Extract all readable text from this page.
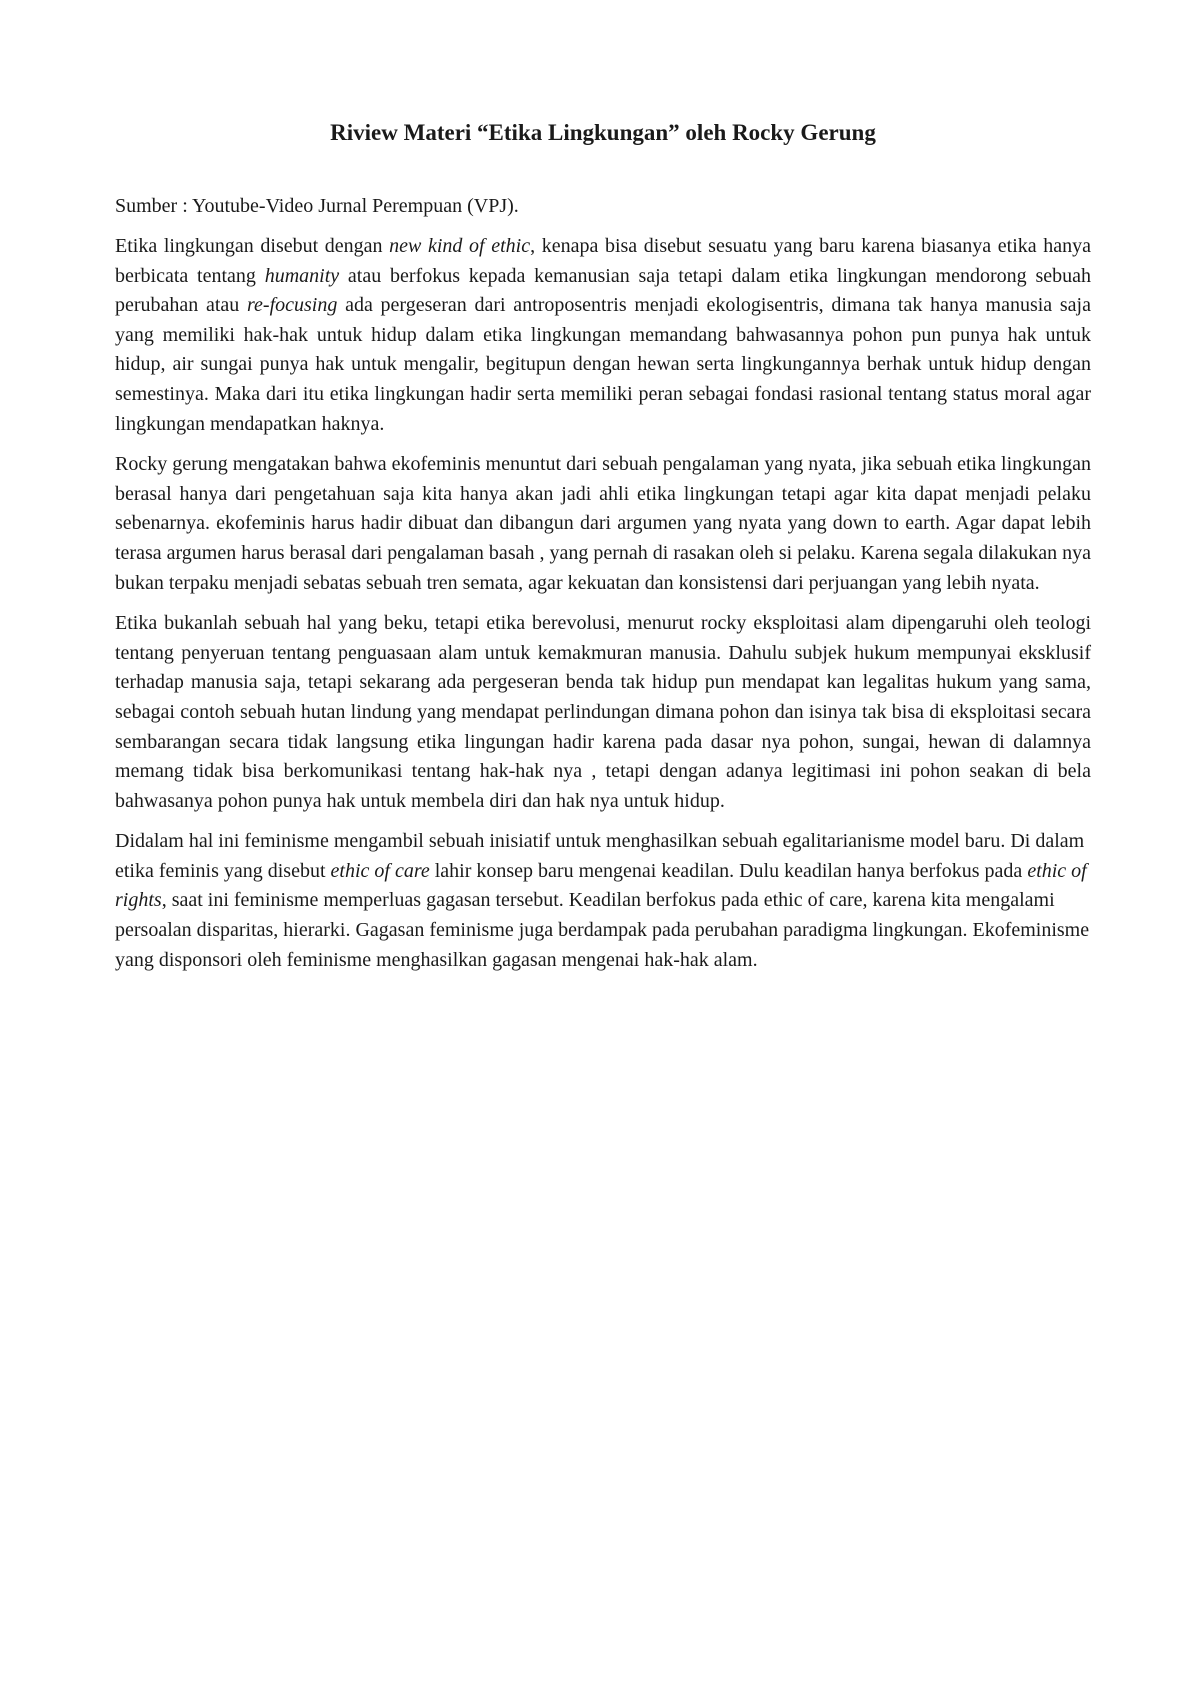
Riview Materi “Etika Lingkungan” oleh Rocky Gerung

Sumber : Youtube-Video Jurnal Perempuan (VPJ).

Etika lingkungan disebut dengan new kind of ethic, kenapa bisa disebut sesuatu yang baru karena biasanya etika hanya berbicata tentang humanity atau berfokus kepada kemanusian saja tetapi dalam etika lingkungan mendorong sebuah perubahan atau re-focusing ada pergeseran dari antroposentris menjadi ekologisentris, dimana tak hanya manusia saja yang memiliki hak-hak untuk hidup dalam etika lingkungan memandang bahwasannya pohon pun punya hak untuk hidup, air sungai punya hak untuk mengalir, begitupun dengan hewan serta lingkungannya berhak untuk hidup dengan semestinya. Maka dari itu etika lingkungan hadir serta memiliki peran sebagai fondasi rasional tentang status moral agar lingkungan mendapatkan haknya.

Rocky gerung mengatakan bahwa ekofeminis menuntut dari sebuah pengalaman yang nyata, jika sebuah etika lingkungan berasal hanya dari pengetahuan saja kita hanya akan jadi ahli etika lingkungan tetapi agar kita dapat menjadi pelaku sebenarnya. ekofeminis harus hadir dibuat dan dibangun dari argumen yang nyata yang down to earth. Agar dapat lebih terasa argumen harus berasal dari pengalaman basah , yang pernah di rasakan oleh si pelaku. Karena segala dilakukan nya bukan terpaku menjadi sebatas sebuah tren semata, agar kekuatan dan konsistensi dari perjuangan yang lebih nyata.

Etika bukanlah sebuah hal yang beku, tetapi etika berevolusi, menurut rocky eksploitasi alam dipengaruhi oleh teologi tentang penyeruan tentang penguasaan alam untuk kemakmuran manusia. Dahulu subjek hukum mempunyai eksklusif terhadap manusia saja, tetapi sekarang ada pergeseran benda tak hidup pun mendapat kan legalitas hukum yang sama, sebagai contoh sebuah hutan lindung yang mendapat perlindungan dimana pohon dan isinya tak bisa di eksploitasi secara sembarangan secara tidak langsung etika lingungan hadir karena pada dasar nya pohon, sungai, hewan di dalamnya memang tidak bisa berkomunikasi tentang hak-hak nya , tetapi dengan adanya legitimasi ini pohon seakan di bela bahwasanya pohon punya hak untuk membela diri dan hak nya untuk hidup.

Didalam hal ini feminisme mengambil sebuah inisiatif untuk menghasilkan sebuah egalitarianisme model baru. Di dalam etika feminis yang disebut ethic of care lahir konsep baru mengenai keadilan. Dulu keadilan hanya berfokus pada ethic of rights, saat ini feminisme memperluas gagasan tersebut. Keadilan berfokus pada ethic of care, karena kita mengalami persoalan disparitas, hierarki. Gagasan feminisme juga berdampak pada perubahan paradigma lingkungan. Ekofeminisme yang disponsori oleh feminisme menghasilkan gagasan mengenai hak-hak alam.
